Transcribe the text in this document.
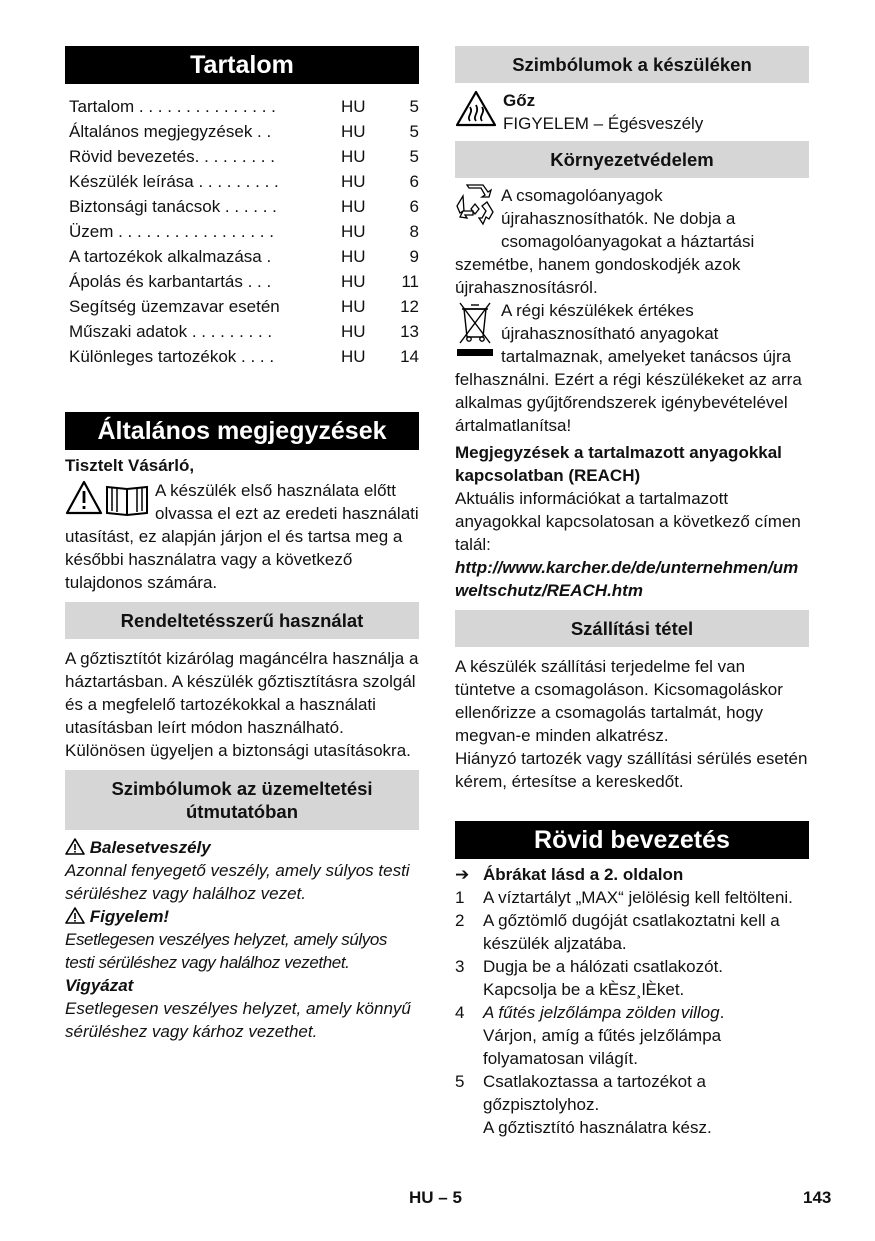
Tartalom
Tartalom . . . . . . . . . . . . . . .	HU	5
Általános megjegyzések . .	HU	5
Rövid bevezetés. . . . . . . . .	HU	5
Készülék leírása . . . . . . . . .	HU	6
Biztonsági tanácsok . . . . . .	HU	6
Üzem . . . . . . . . . . . . . . . . .	HU	8
A tartozékok alkalmazása .	HU	9
Ápolás és karbantartás . . .	HU	11
Segítség üzemzavar esetén	HU	12
Műszaki adatok . . . . . . . . .	HU	13
Különleges tartozékok . . . .	HU	14
Általános megjegyzések
Tisztelt Vásárló,
A készülék első használata előtt olvassa el ezt az eredeti használati utasítást, ez alapján járjon el és tartsa meg a későbbi használatra vagy a következő tulajdonos számára.
Rendeltetésszerű használat
A gőztisztítót kizárólag magáncélra használja a háztartásban. A készülék gőztisztításra szolgál és a megfelelő tartozékokkal a használati utasításban leírt módon használható. Különösen ügyeljen a biztonsági utasításokra.
Szimbólumok az üzemeltetési útmutatóban
Balesetveszély
Azonnal fenyegető veszély, amely súlyos testi sérüléshez vagy halálhoz vezet.
Figyelem!
Esetlegesen veszélyes helyzet, amely súlyos testi sérüléshez vagy halálhoz vezethet.
Vigyázat
Esetlegesen veszélyes helyzet, amely könnyű sérüléshez vagy kárhoz vezethet.
Szimbólumok a készüléken
Gőz
FIGYELEM – Égésveszély
Környezetvédelem
A csomagolóanyagok újrahasznosíthatók. Ne dobja a csomagolóanyagokat a háztartási szemétbe, hanem gondoskodjék azok újrahasznosításról.
A régi készülékek értékes újrahasznosítható anyagokat tartalmaznak, amelyeket tanácsos újra felhasználni. Ezért a régi készülékeket az arra alkalmas gyűjtőrendszerek igénybevételével ártalmatlanítsa!
Megjegyzések a tartalmazott anyagokkal kapcsolatban (REACH)
Aktuális információkat a tartalmazott anyagokkal kapcsolatosan a következő címen talál:
http://www.karcher.de/de/unternehmen/umweltschutz/REACH.htm
Szállítási tétel
A készülék szállítási terjedelme fel van tüntetve a csomagoláson. Kicsomagoláskor ellenőrizze a csomagolás tartalmát, hogy megvan-e minden alkatrész.
Hiányzó tartozék vagy szállítási sérülés esetén kérem, értesítse a kereskedőt.
Rövid bevezetés
➔ Ábrákat lásd a 2. oldalon
1	A víztartályt „MAX“ jelölésig kell feltölteni.
2	A gőztömlő dugóját csatlakoztatni kell a készülék aljzatába.
3	Dugja be a hálózati csatlakozót.
Kapcsolja be a kÈsz¸lÈket.
4	A fűtés jelzőlámpa zölden villog.
Várjon, amíg a fűtés jelzőlámpa folyamatosan világít.
5	Csatlakoztassa a tartozékot a gőzpisztolyhoz.
A gőztisztító használatra kész.
HU – 5	143
